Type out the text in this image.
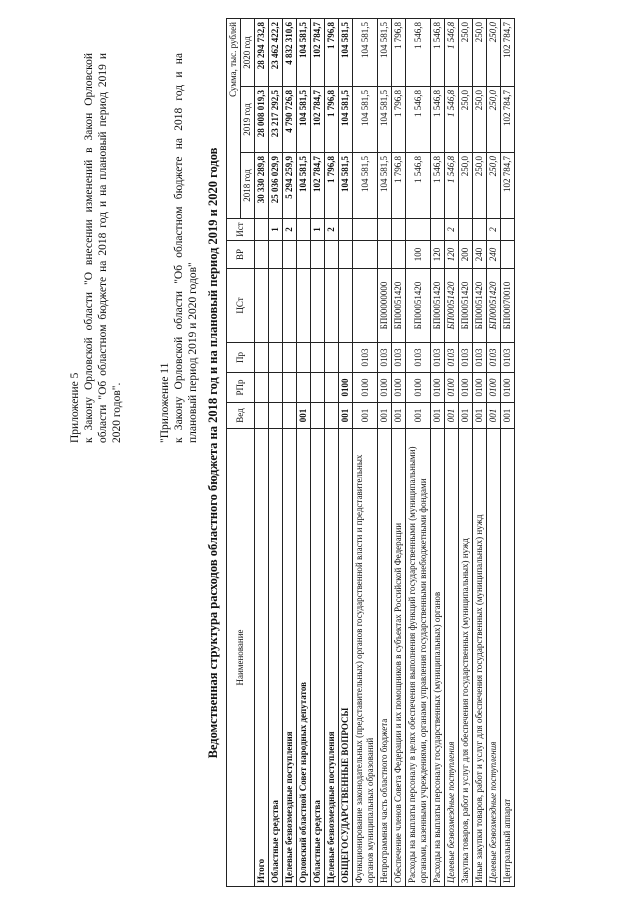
Приложение 5 к Закону Орловской области "О внесении изменений в Закон Орловской области "Об областном бюджете на 2018 год и на плановый период 2019 и 2020 годов".	"Приложение 11 к Закону Орловской области "Об областном бюджете на 2018 год и на плановый период 2019 и 2020 годов" Ведомственная структура расходов областного бюджета на 2018 год и на плановый период 2019 и 2020 годов Наименование	Вед	РПр	Пр	ЦСт	ВР	Ист	Сумма, тыс. рублей		
							2018 год	2019 год	2020 год
Итого							30 330 289,8	28 008 019,3	28 294 732,8
Областные средства						1	25 036 029,9	23 217 292,5	23 462 422,2
Целевые безвозмездные поступления						2	5 294 259,9	4 790 726,8	4 832 310,6
Орловский областной Совет народных депутатов	001						104 581,5	104 581,5	104 581,5
Областные средства						1	102 784,7	102 784,7	102 784,7
Целевые безвозмездные поступления						2	1 796,8	1 796,8	1 796,8
ОБЩЕГОСУДАРСТВЕННЫЕ ВОПРОСЫ	001	0100					104 581,5	104 581,5	104 581,5
Функционирование законодательных (представительных) органов государственной власти и представительных органов муниципальных образований	001	0100	0103				104 581,5	104 581,5	104 581,5
Непрограммная часть областного бюджета	001	0100	0103	БП00000000			104 581,5	104 581,5	104 581,5
Обеспечение членов Совета Федерации и их помощников в субъектах Российской Федерации	001	0100	0103	БП00051420			1 796,8	1 796,8	1 796,8
Расходы на выплаты персоналу в целях обеспечения выполнения функций государственными (муниципальными) органами, казенными учреждениями, органами управления государственными внебюджетными фондами	001	0100	0103	БП00051420	100		1 546,8	1 546,8	1 546,8
Расходы на выплаты персоналу государственных (муниципальных) органов	001	0100	0103	БП00051420	120		1 546,8	1 546,8	1 546,8
Целевые безвозмездные поступления	001	0100	0103	БП00051420	120	2	1 546,8	1 546,8	1 546,8
Закупка товаров, работ и услуг для обеспечения государственных (муниципальных) нужд	001	0100	0103	БП00051420	200		250,0	250,0	250,0
Иные закупки товаров, работ и услуг для обеспечения государственных (муниципальных) нужд	001	0100	0103	БП00051420	240		250,0	250,0	250,0
Целевые безвозмездные поступления	001	0100	0103	БП00051420	240	2	250,0	250,0	250,0
Центральный аппарат	001	0100	0103	БП00070010			102 784,7	102 784,7	102 784,7
